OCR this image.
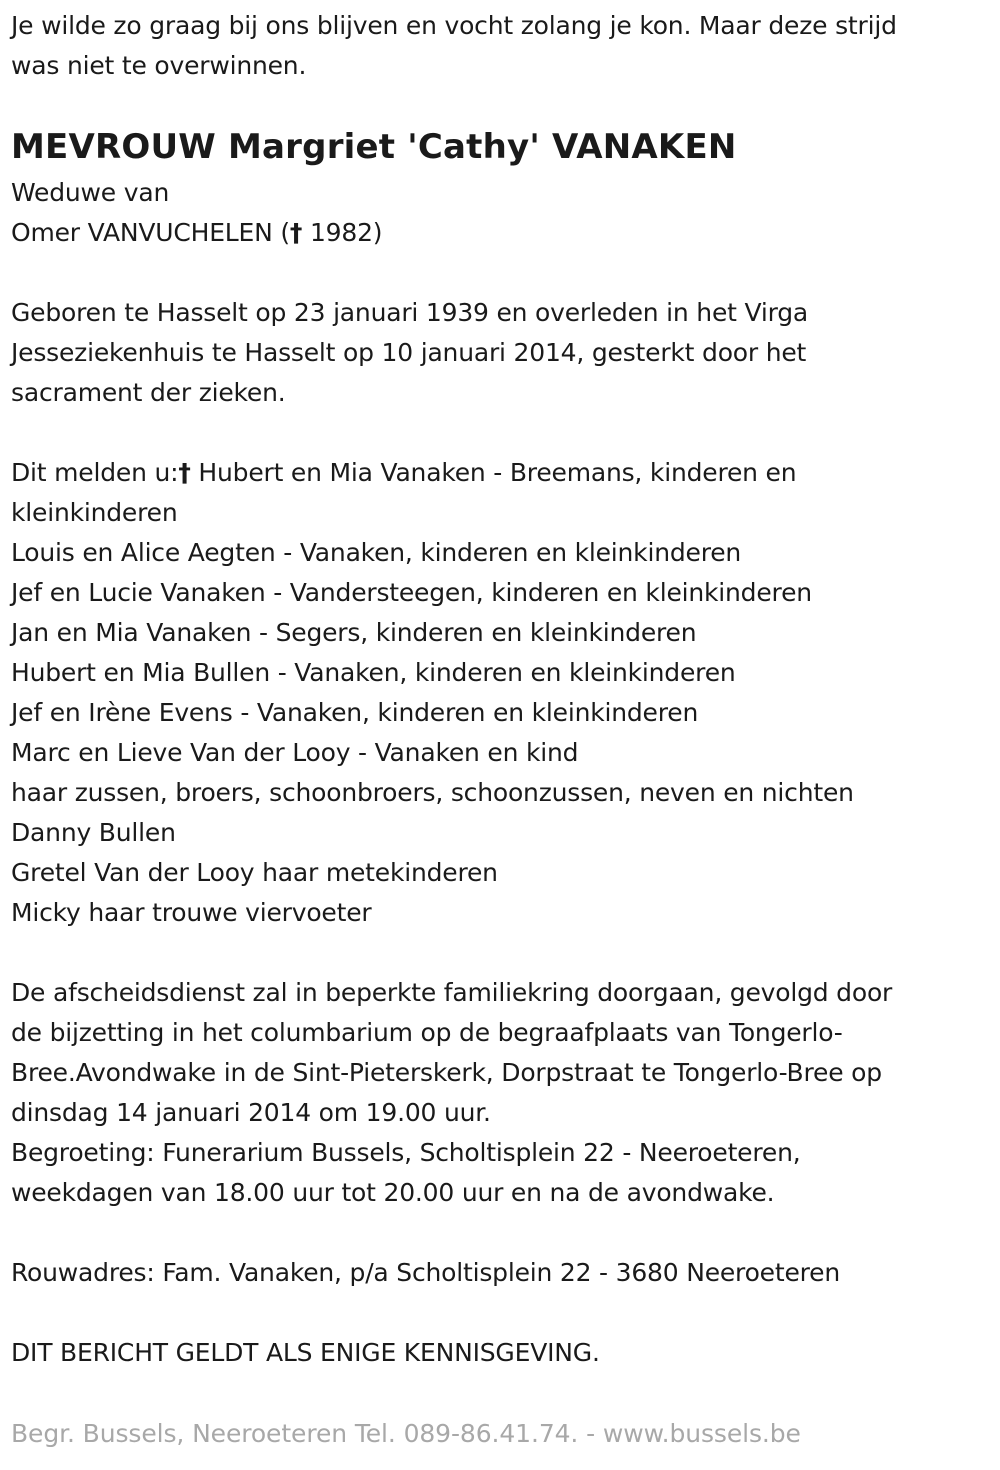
Je wilde zo graag bij ons blijven en vocht zolang je kon. Maar deze strijd
was niet te overwinnen.
MEVROUW Margriet 'Cathy' VANAKEN
Weduwe van
Omer VANVUCHELEN († 1982)
Geboren te Hasselt op 23 januari 1939 en overleden in het Virga
Jesseziekenhuis te Hasselt op 10 januari 2014, gesterkt door het
sacrament der zieken.
Dit melden u:† Hubert en Mia Vanaken - Breemans, kinderen en
kleinkinderen
Louis en Alice Aegten - Vanaken, kinderen en kleinkinderen
Jef en Lucie Vanaken - Vandersteegen, kinderen en kleinkinderen
Jan en Mia Vanaken - Segers, kinderen en kleinkinderen
Hubert en Mia Bullen - Vanaken, kinderen en kleinkinderen
Jef en Irène Evens - Vanaken, kinderen en kleinkinderen
Marc en Lieve Van der Looy - Vanaken en kind
haar zussen, broers, schoonbroers, schoonzussen, neven en nichten
Danny Bullen
Gretel Van der Looy haar metekinderen
Micky haar trouwe viervoeter
De afscheidsdienst zal in beperkte familiekring doorgaan, gevolgd door
de bijzetting in het columbarium op de begraafplaats van Tongerlo-
Bree.Avondwake in de Sint-Pieterskerk, Dorpstraat te Tongerlo-Bree op
dinsdag 14 januari 2014 om 19.00 uur.
Begroeting: Funerarium Bussels, Scholtisplein 22 - Neeroeteren,
weekdagen van 18.00 uur tot 20.00 uur en na de avondwake.
Rouwadres: Fam. Vanaken, p/a Scholtisplein 22 - 3680 Neeroeteren
DIT BERICHT GELDT ALS ENIGE KENNISGEVING.
Begr. Bussels, Neeroeteren Tel. 089-86.41.74. - www.bussels.be
